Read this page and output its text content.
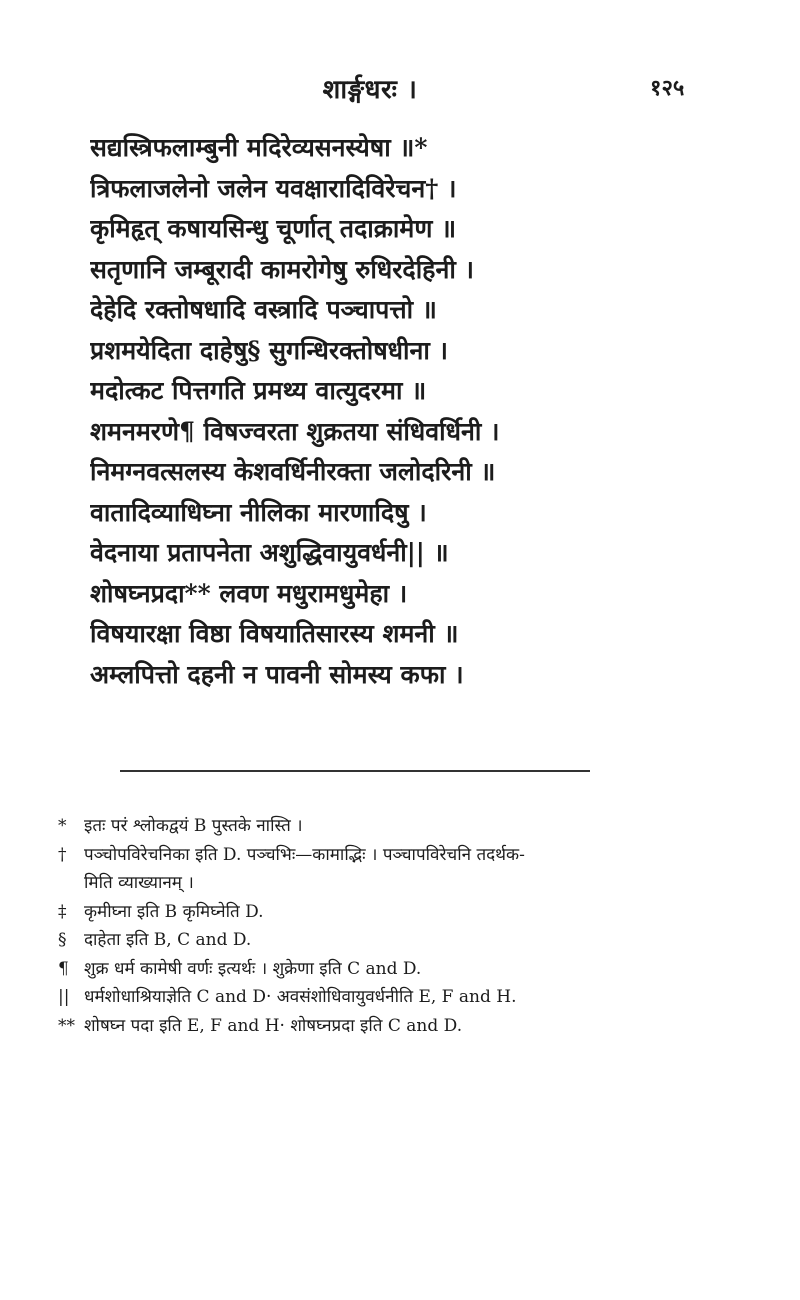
शार्ङ्गधरः ।	१२५
सद्यस्त्रिफलाम्बुनी मदिरेव्यसनस्येषा ॥*
त्रिफलाजलेनो जलेन यवक्षारादिविरेचन† ।
कृमिहृत् कषायसिन्धु चूर्णात् तदाक्रामेण ॥
सतृणानि जम्बूरादी कामरोगेषु रुधिरदेहिनी ।
देहेदि रक्तोषधादि वस्त्रादि पञ्चापत्तो ॥
प्रशमयेदिता दाहेषु§ सुगन्धिरक्तोषधीना ।
मदोत्कट पित्तगति प्रमथ्य वात्युदरमा ॥
शमनमरणे¶ विषज्वरता शुक्रतया संधिवर्धिनी ।
निमग्नवत्सलस्य केशवर्धिनीरक्ता जलोदरिनी ॥
वातादिव्याधिघ्ना नीलिका मारणादिषु ।
वेदनाया प्रतापनेता अशुद्धिवायुवर्धनी|| ॥
शोषघ्नप्रदा** लवण मधुरामधुमेहा ।
विषयारक्षा विष्ठा विषयातिसारस्य शमनी ॥
अम्लपित्तो दहनी न पावनी सोमस्य कफा ।
* इतः परं श्लोकद्वयं B पुस्तके नास्ति ।
† पञ्चोपविरेचनिका इति D. पञ्चभिः—कामाद्भिः । पञ्चापविरेचनि तदर्थक-
मिति व्याख्यानम् ।
‡ कृमीघ्ना इति B कृमिघ्नेति D.
§ दाहेता इति B, C and D.
¶ शुक्र धर्म कामेषी वर्णः इत्यर्थः । शुक्रेणा इति C and D.
|| धर्मशोधाश्रियाज्ञेति C and D· अवसंशोधिवायुवर्धनीति E, F and H.
** शोषघ्न पदा इति E, F and H· शोषघ्नप्रदा इति C and D.
